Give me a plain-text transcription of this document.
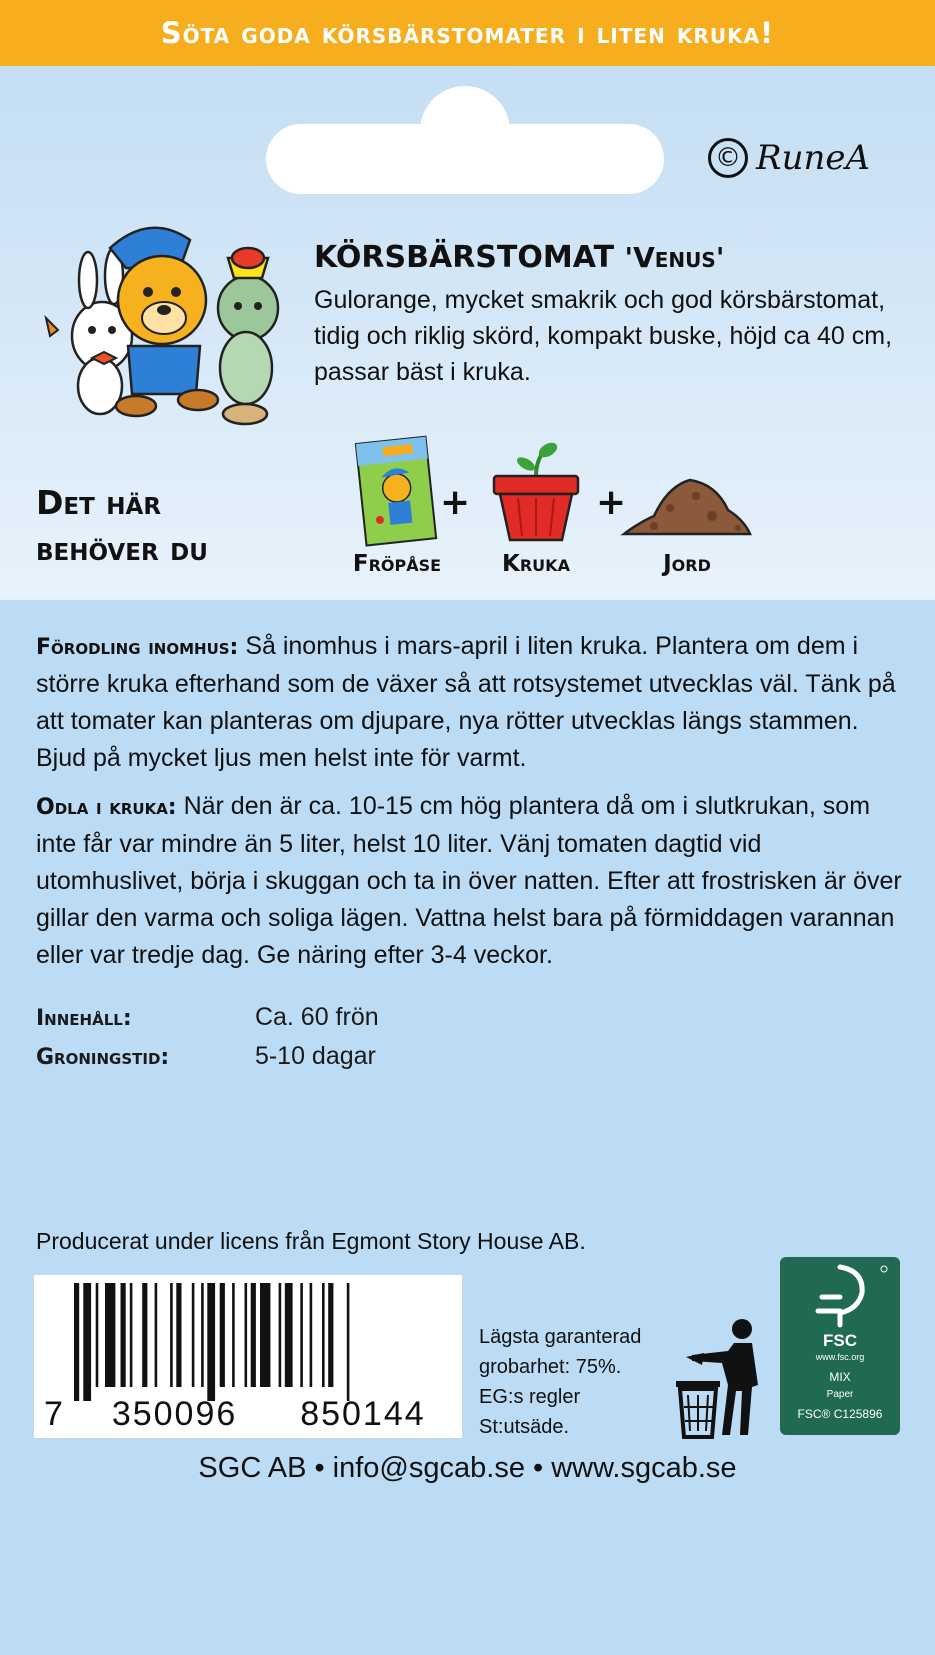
Söta goda körsbärstomater i liten kruka!
© RuneA
KÖRSBÄRSTOMAT 'Venus'
Gulorange, mycket smakrik och god körsbärstomat, tidig och riklig skörd, kompakt buske, höjd ca 40 cm, passar bäst i kruka.
Det här
behöver du	Fröpåse
+
Kruka
+
Jord
Förodling inomhus: Så inomhus i mars-april i liten kruka. Plantera om dem i större kruka efterhand som de växer så att rotsystemet utvecklas väl. Tänk på att tomater kan planteras om djupare, nya rötter utvecklas längs stammen. Bjud på mycket ljus men helst inte för varmt.
Odla i kruka: När den är ca. 10-15 cm hög plantera då om i slutkrukan, som inte får var mindre än 5 liter, helst 10 liter. Vänj tomaten dagtid vid utomhuslivet, börja i skuggan och ta in över natten. Efter att frostrisken är över gillar den varma och soliga lägen. Vattna helst bara på förmiddagen varannan eller var tredje dag. Ge näring efter 3-4 veckor.
Innehåll:	Ca. 60 frön
Groningstid:	5-10 dagar
Producerat under licens från Egmont Story House AB.
7 350096 850144
Lägsta garanterad
grobarhet: 75%.
EG:s regler
St:utsäde.
FSC
www.fsc.org
MIX
Paper
FSC® C125896
SGC AB • info@sgcab.se • www.sgcab.se
